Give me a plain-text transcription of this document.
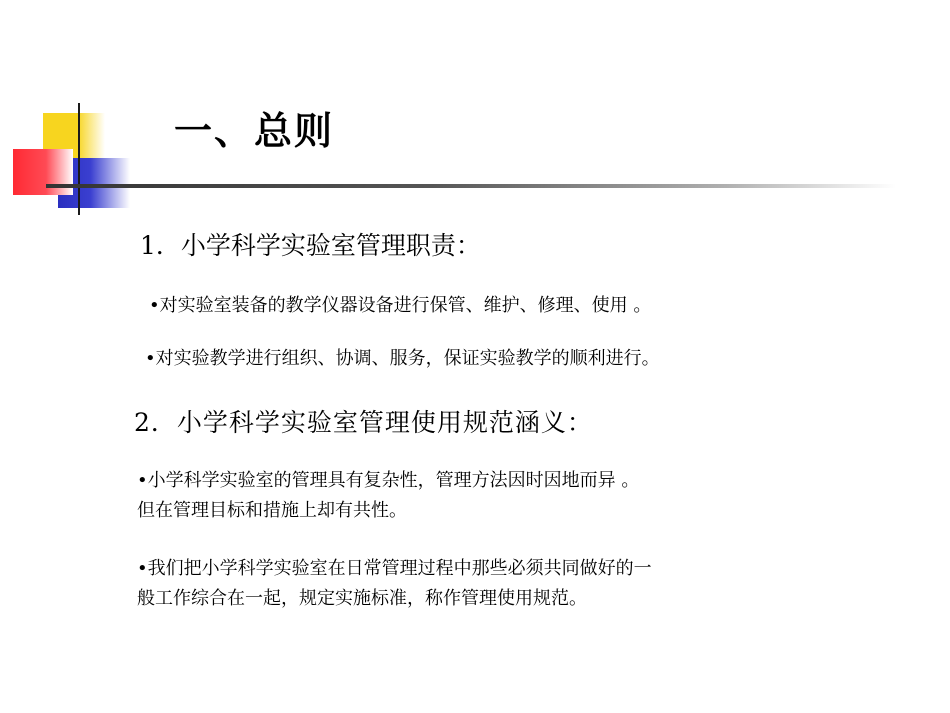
一、总则
1．小学科学实验室管理职责：
•对实验室装备的教学仪器设备进行保管、维护、修理、使用 。
•对实验教学进行组织、协调、服务，保证实验教学的顺利进行。
2．小学科学实验室管理使用规范涵义：
•小学科学实验室的管理具有复杂性，管理方法因时因地而异 。
但在管理目标和措施上却有共性。
•我们把小学科学实验室在日常管理过程中那些必须共同做好的一
般工作综合在一起，规定实施标准，称作管理使用规范。
